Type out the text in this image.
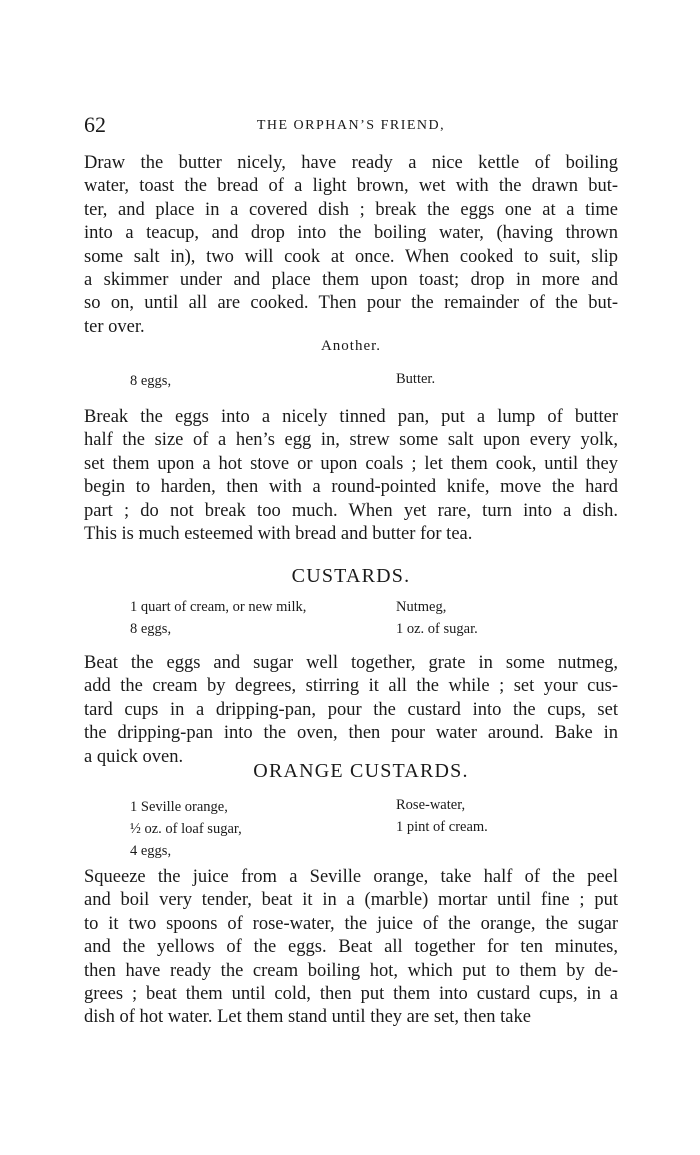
62	THE ORPHAN’S FRIEND,

Draw the butter nicely, have ready a nice kettle of boiling
water, toast the bread of a light brown, wet with the drawn but-
ter, and place in a covered dish ; break the eggs one at a time
into a teacup, and drop into the boiling water, (having thrown
some salt in), two will cook at once. When cooked to suit, slip
a skimmer under and place them upon toast; drop in more and
so on, until all are cooked. Then pour the remainder of the but-
ter over.

Another.
8 eggs,	Butter.

Break the eggs into a nicely tinned pan, put a lump of butter
half the size of a hen’s egg in, strew some salt upon every yolk,
set them upon a hot stove or upon coals ; let them cook, until they
begin to harden, then with a round-pointed knife, move the hard
part ; do not break too much. When yet rare, turn into a dish.
This is much esteemed with bread and butter for tea.

CUSTARDS.
1 quart of cream, or new milk,
8 eggs,
Nutmeg,
1 oz. of sugar.

Beat the eggs and sugar well together, grate in some nutmeg,
add the cream by degrees, stirring it all the while ; set your cus-
tard cups in a dripping-pan, pour the custard into the cups, set
the dripping-pan into the oven, then pour water around. Bake in
a quick oven.

ORANGE CUSTARDS.
1 Seville orange,
½ oz. of loaf sugar,
4 eggs,
Rose-water,
1 pint of cream.

Squeeze the juice from a Seville orange, take half of the peel
and boil very tender, beat it in a (marble) mortar until fine ; put
to it two spoons of rose-water, the juice of the orange, the sugar
and the yellows of the eggs. Beat all together for ten minutes,
then have ready the cream boiling hot, which put to them by de-
grees ; beat them until cold, then put them into custard cups, in a
dish of hot water. Let them stand until they are set, then take
